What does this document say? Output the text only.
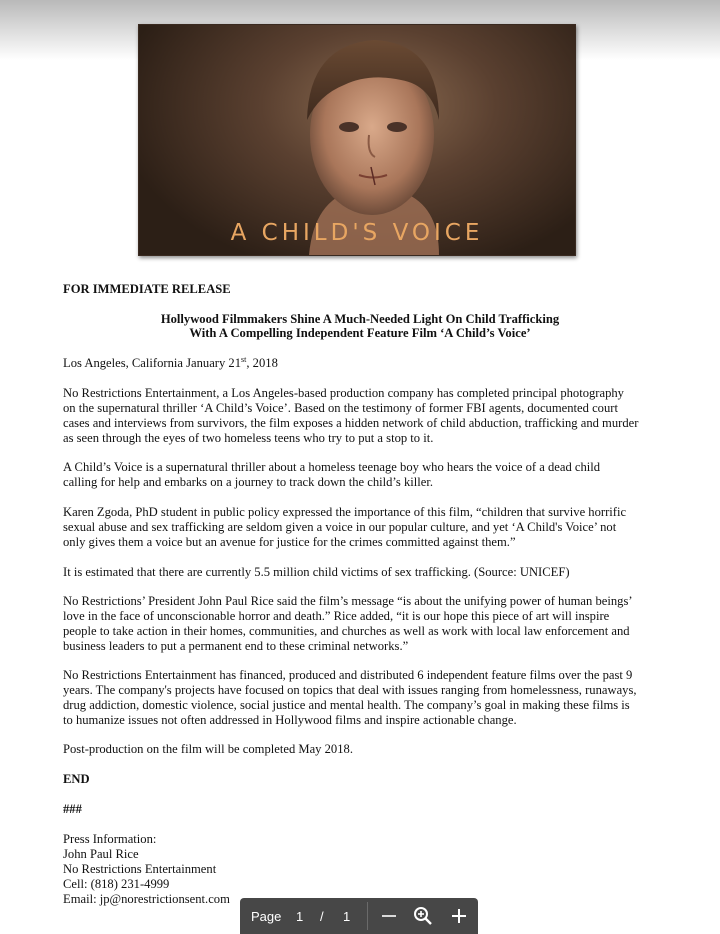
A CHILD'S VOICE
FOR IMMEDIATE RELEASE
Hollywood Filmmakers Shine A Much-Needed Light On Child Trafficking
With A Compelling Independent Feature Film ‘A Child’s Voice’
Los Angeles, California January 21st, 2018
No Restrictions Entertainment, a Los Angeles-based production company has completed principal photography
on the supernatural thriller ‘A Child’s Voice’. Based on the testimony of former FBI agents, documented court
cases and interviews from survivors, the film exposes a hidden network of child abduction, trafficking and murder
as seen through the eyes of two homeless teens who try to put a stop to it.
A Child’s Voice is a supernatural thriller about a homeless teenage boy who hears the voice of a dead child
calling for help and embarks on a journey to track down the child’s killer.
Karen Zgoda, PhD student in public policy expressed the importance of this film, “children that survive horrific
sexual abuse and sex trafficking are seldom given a voice in our popular culture, and yet ‘A Child's Voice’ not
only gives them a voice but an avenue for justice for the crimes committed against them.”
It is estimated that there are currently 5.5 million child victims of sex trafficking. (Source: UNICEF)
No Restrictions’ President John Paul Rice said the film’s message “is about the unifying power of human beings’
love in the face of unconscionable horror and death.” Rice added, “it is our hope this piece of art will inspire
people to take action in their homes, communities, and churches as well as work with local law enforcement and
business leaders to put a permanent end to these criminal networks.”
No Restrictions Entertainment has financed, produced and distributed 6 independent feature films over the past 9
years. The company's projects have focused on topics that deal with issues ranging from homelessness, runaways,
drug addiction, domestic violence, social justice and mental health. The company’s goal in making these films is
to humanize issues not often addressed in Hollywood films and inspire actionable change.
Post-production on the film will be completed May 2018.
END
###
Press Information:
John Paul Rice
No Restrictions Entertainment
Cell: (818) 231-4999
Email: jp@norestrictionsent.com
Page 1 / 1
